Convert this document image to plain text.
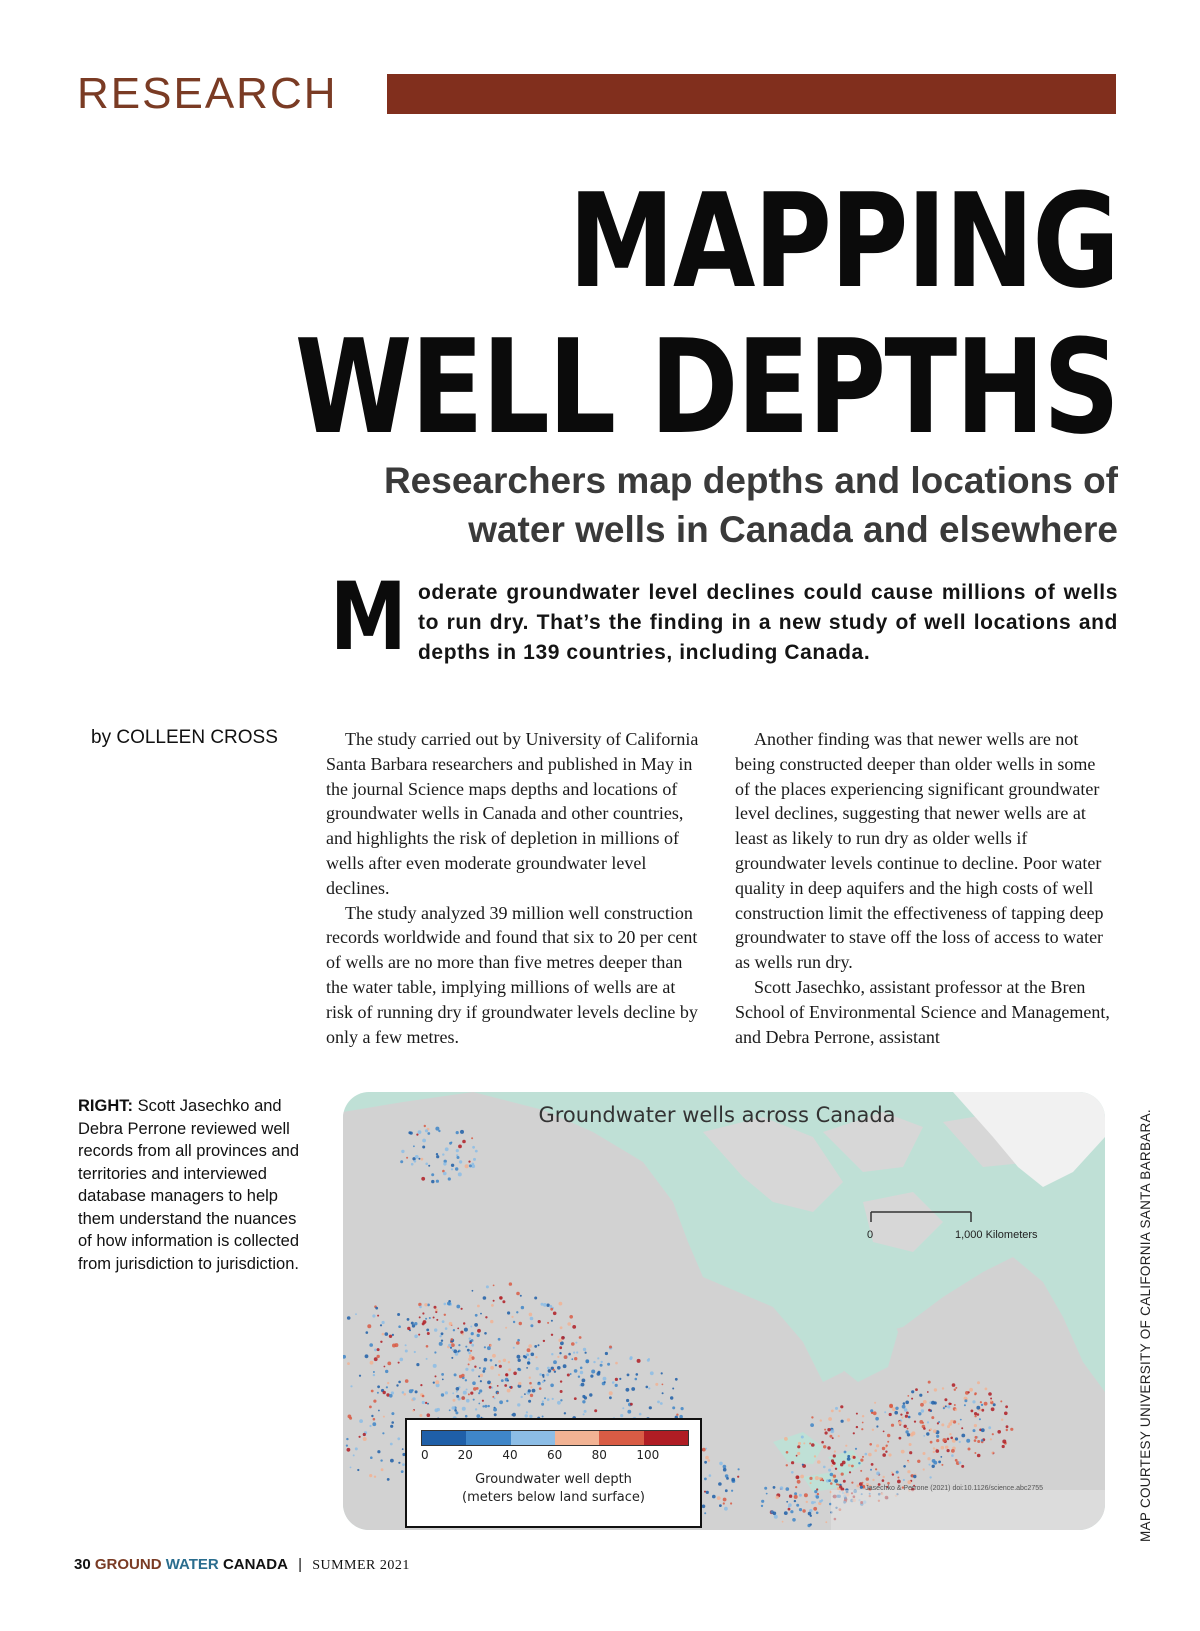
RESEARCH
MAPPING
WELL DEPTHS
Researchers map depths and locations of water wells in Canada and elsewhere
M oderate groundwater level declines could cause millions of wells to run dry. That’s the finding in a new study of well locations and depths in 139 countries, including Canada.
by COLLEEN CROSS	The study carried out by University of California Santa Barbara researchers and published in May in the journal Science maps depths and locations of groundwater wells in Canada and other countries, and highlights the risk of depletion in millions of wells after even moderate groundwater level declines.

The study analyzed 39 million well construction records worldwide and found that six to 20 per cent of wells are no more than five metres deeper than the water table, implying millions of wells are at risk of running dry if groundwater levels decline by only a few metres.

Another finding was that newer wells are not being constructed deeper than older wells in some of the places experiencing significant groundwater level declines, suggesting that newer wells are at least as likely to run dry as older wells if groundwater levels continue to decline. Poor water quality in deep aquifers and the high costs of well construction limit the effectiveness of tapping deep groundwater to stave off the loss of access to water as wells run dry.

Scott Jasechko, assistant professor at the Bren School of Environmental Science and Management, and Debra Perrone, assistant

RIGHT: Scott Jasechko and Debra Perrone reviewed well records from all provinces and territories and interviewed database managers to help them understand the nuances of how information is collected from jurisdiction to jurisdiction.
Groundwater wells across Canada
0	1,000 Kilometers
Jasechko & Perrone (2021) doi:10.1126/science.abc2755
0 20 40 60 80 100
Groundwater well depth
(meters below land surface)	MAP COURTESY UNIVERSITY OF CALIFORNIA SANTA BARBARA.
30 GROUND WATER CANADA | SUMMER 2021
